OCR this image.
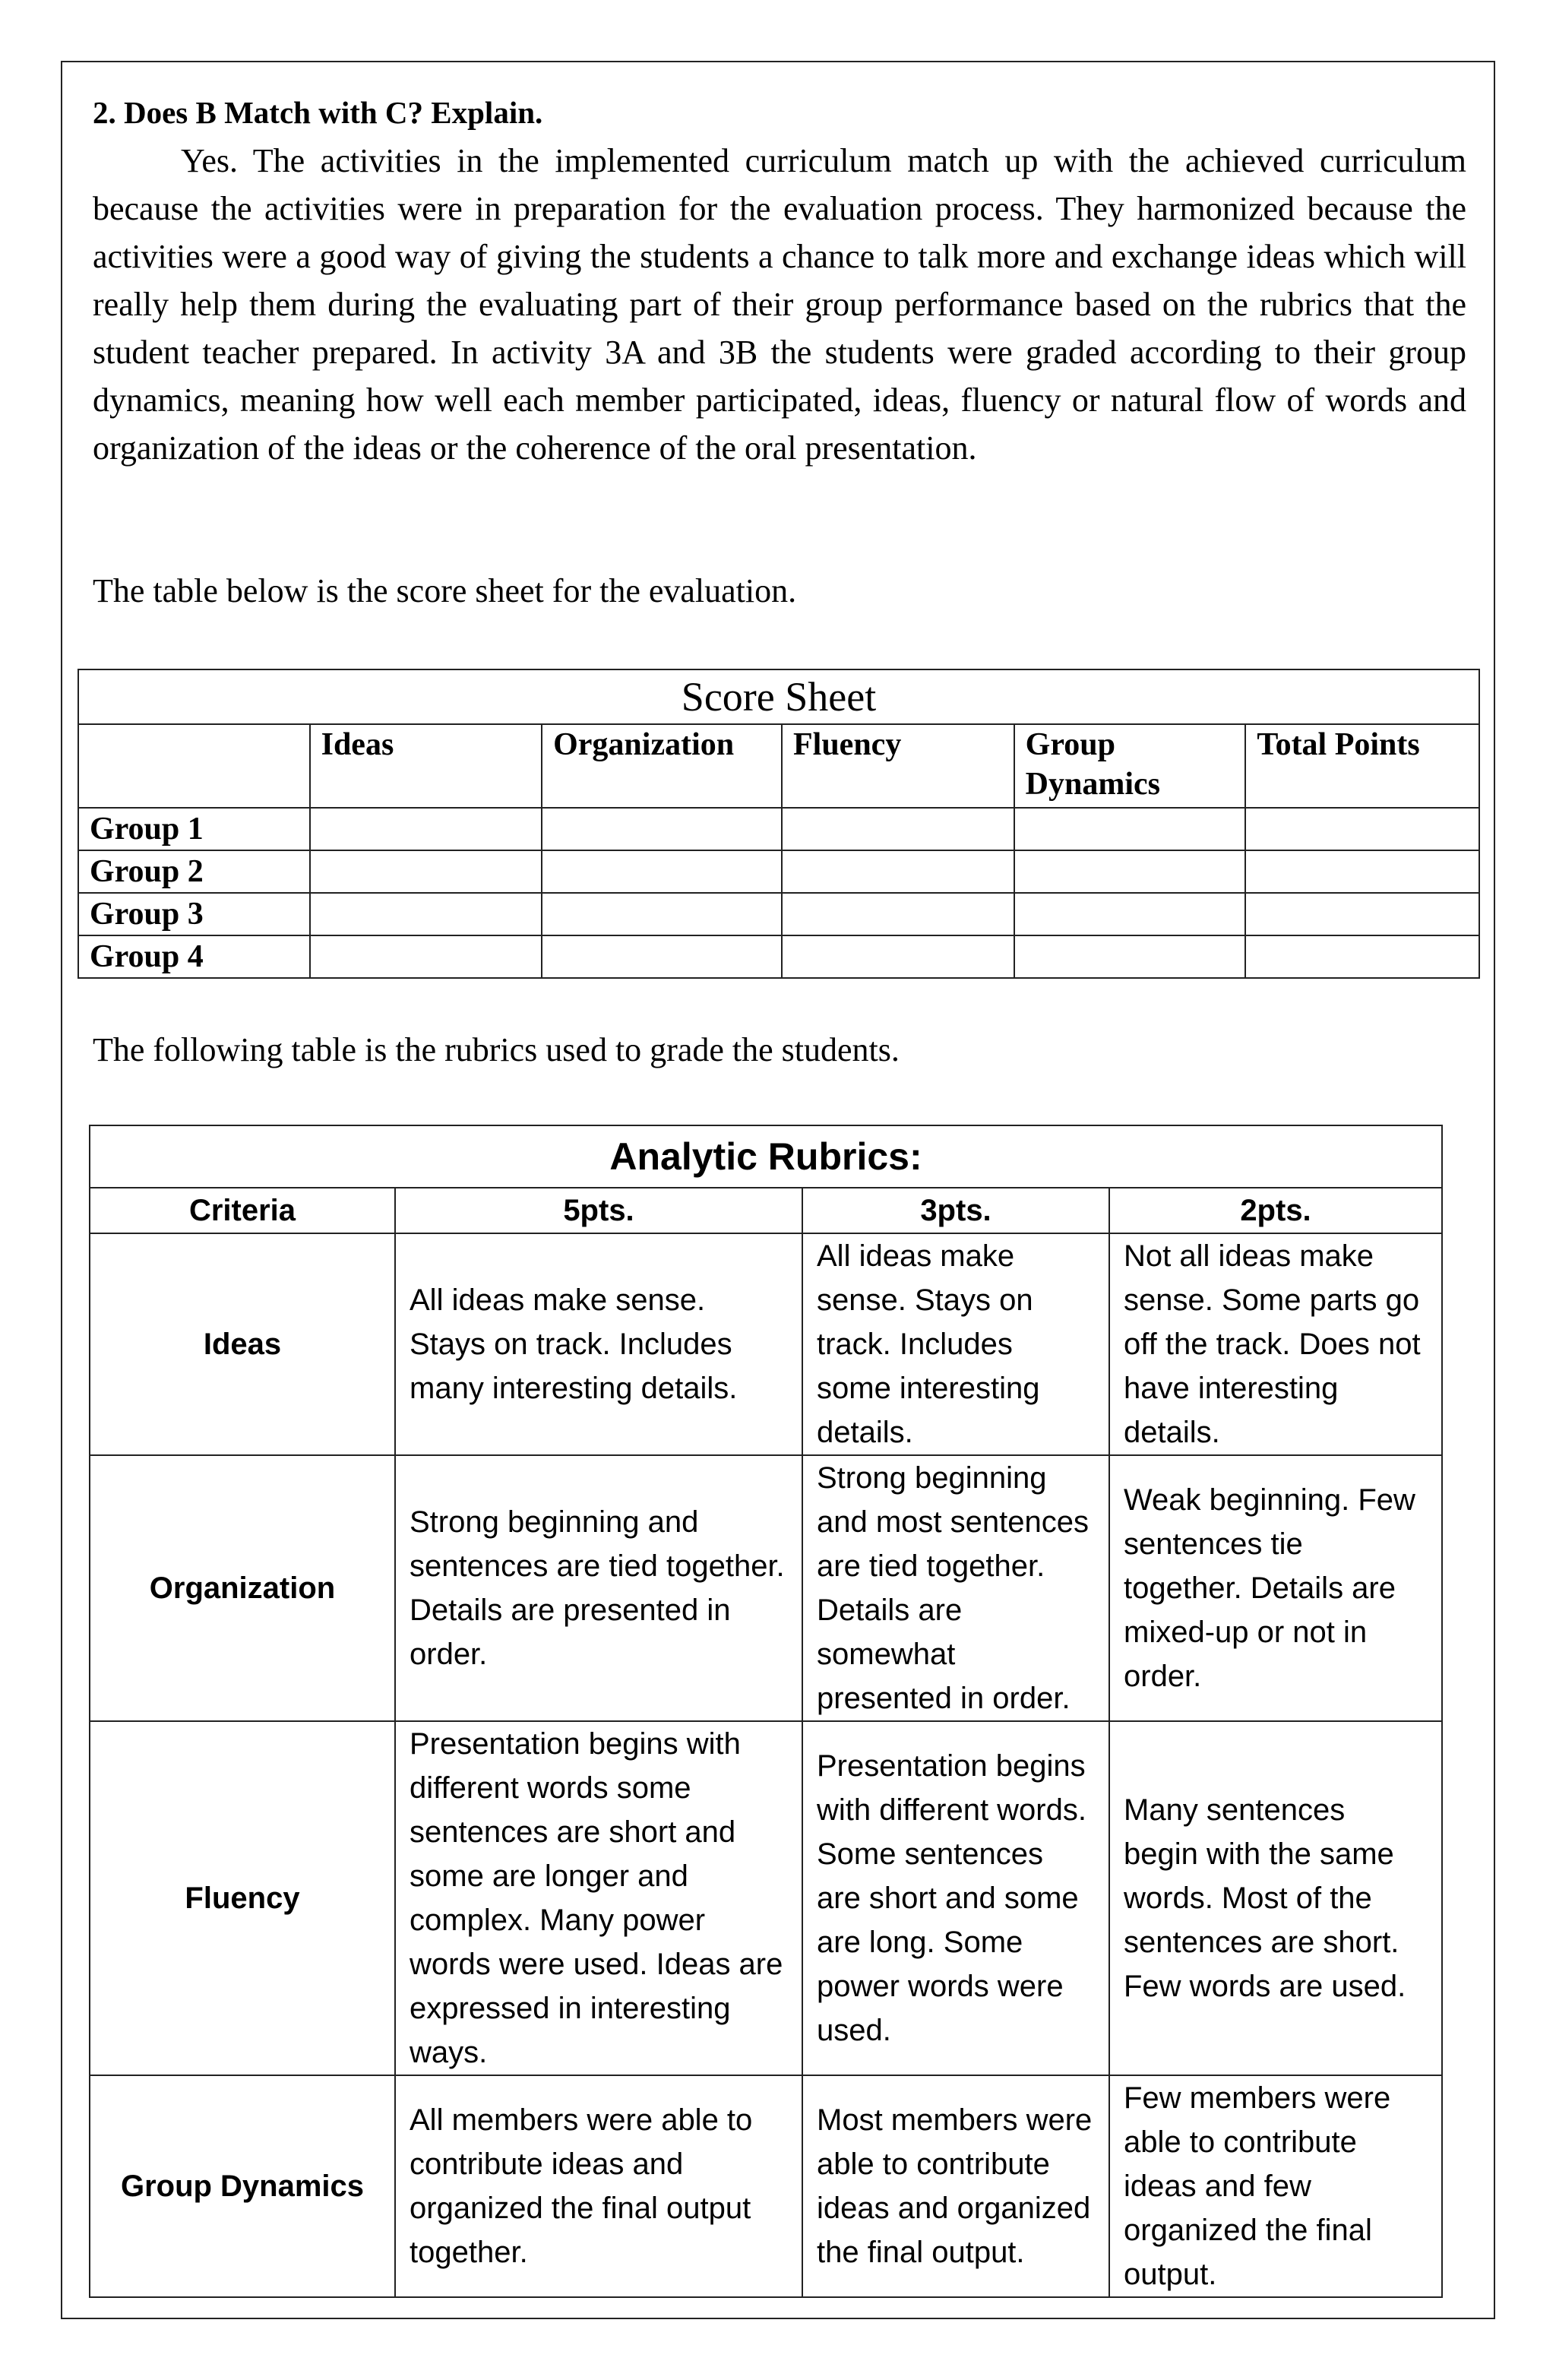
2. Does B Match with C? Explain.
Yes. The activities in the implemented curriculum match up with the achieved curriculum because the activities were in preparation for the evaluation process. They harmonized because the activities were a good way of giving the students a chance to talk more and exchange ideas which will really help them during the evaluating part of their group performance based on the rubrics that the student teacher prepared. In activity 3A and 3B the students were graded according to their group dynamics, meaning how well each member participated, ideas, fluency or natural flow of words and organization of the ideas or the coherence of the oral presentation.
The table below is the score sheet for the evaluation.
Score Sheet					
	Ideas	Organization	Fluency	Group Dynamics	Total Points
Group 1					
Group 2					
Group 3					
Group 4					
The following table is the rubrics used to grade the students.
Analytic Rubrics:			
Criteria	5pts.	3pts.	2pts.
Ideas	All ideas make sense. Stays on track. Includes many interesting details.	All ideas make sense. Stays on track. Includes some interesting details.	Not all ideas make sense. Some parts go off the track. Does not have interesting details.
Organization	Strong beginning and sentences are tied together. Details are presented in order.	Strong beginning and most sentences are tied together. Details are somewhat presented in order.	Weak beginning. Few sentences tie together. Details are mixed-up or not in order.
Fluency	Presentation begins with different words some sentences are short and some are longer and complex. Many power words were used. Ideas are expressed in interesting ways.	Presentation begins with different words. Some sentences are short and some are long. Some power words were used.	Many sentences begin with the same words. Most of the sentences are short. Few words are used.
Group Dynamics	All members were able to contribute ideas and organized the final output together.	Most members were able to contribute ideas and organized the final output.	Few members were able to contribute ideas and few organized the final output.
